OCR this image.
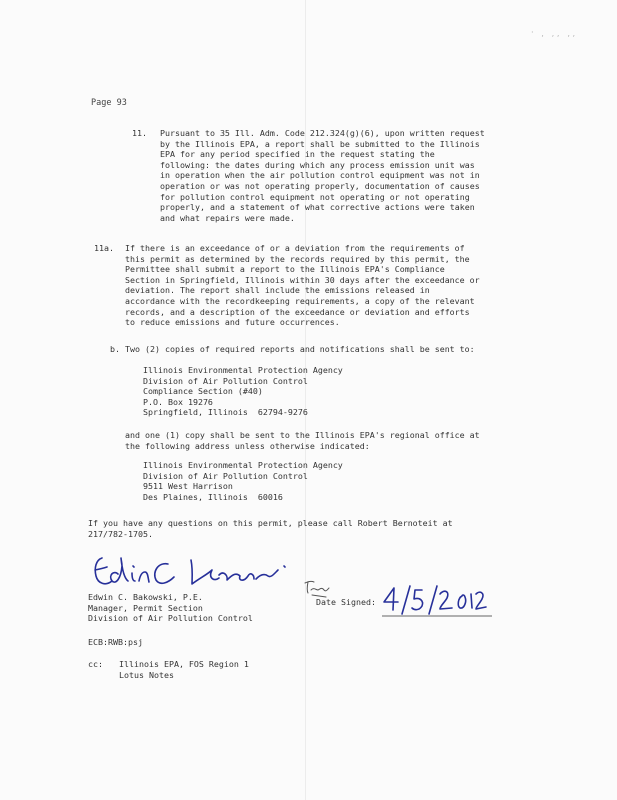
' , ,, ,,
Page 93
11. Pursuant to 35 Ill. Adm. Code 212.324(g)(6), upon written request
by the Illinois EPA, a report shall be submitted to the Illinois
EPA for any period specified in the request stating the
following: the dates during which any process emission unit was
in operation when the air pollution control equipment was not in
operation or was not operating properly, documentation of causes
for pollution control equipment not operating or not operating
properly, and a statement of what corrective actions were taken
and what repairs were made.

11a. If there is an exceedance of or a deviation from the requirements of
this permit as determined by the records required by this permit, the
Permittee shall submit a report to the Illinois EPA's Compliance
Section in Springfield, Illinois within 30 days after the exceedance or
deviation. The report shall include the emissions released in
accordance with the recordkeeping requirements, a copy of the relevant
records, and a description of the exceedance or deviation and efforts
to reduce emissions and future occurrences.

b. Two (2) copies of required reports and notifications shall be sent to:

Illinois Environmental Protection Agency
Division of Air Pollution Control
Compliance Section (#40)
P.O. Box 19276
Springfield, Illinois  62794-9276

and one (1) copy shall be sent to the Illinois EPA's regional office at
the following address unless otherwise indicated:

Illinois Environmental Protection Agency
Division of Air Pollution Control
9511 West Harrison
Des Plaines, Illinois  60016

If you have any questions on this permit, please call Robert Bernoteit at
217/782-1705.

Date Signed:

Edwin C. Bakowski, P.E.
Manager, Permit Section
Division of Air Pollution Control

ECB:RWB:psj

cc: Illinois EPA, FOS Region 1
Lotus Notes
